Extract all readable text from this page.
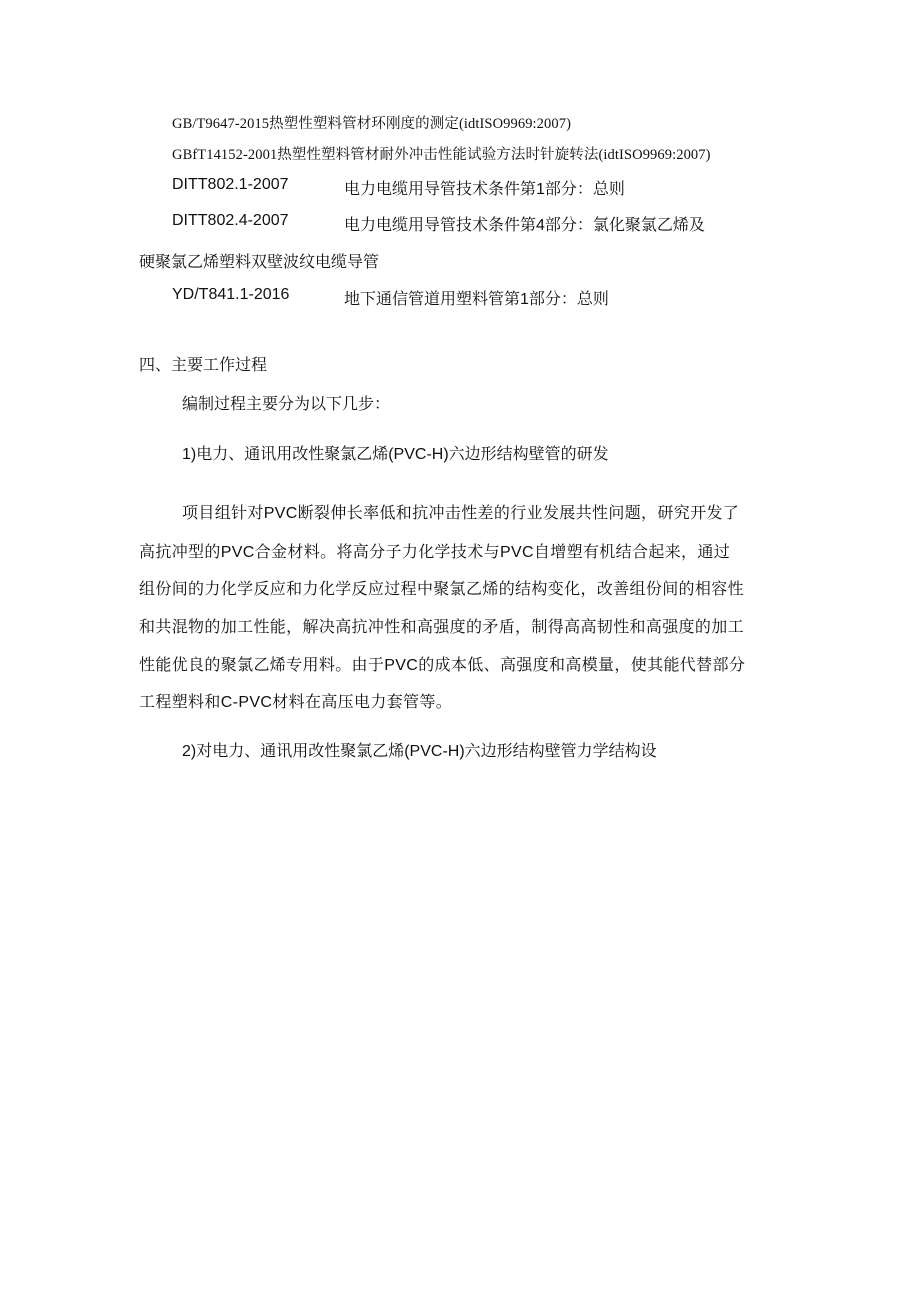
GB/T9647-2015热塑性塑料管材环刚度的测定(idtISO9969:2007)
GBfT14152-2001热塑性塑料管材耐外冲击性能试验方法时针旋转法(idtISO9969:2007)
DITT802.1-2007	电力电缆用导管技术条件第1部分：总则
DITT802.4-2007	电力电缆用导管技术条件第4部分：氯化聚氯乙烯及
硬聚氯乙烯塑料双壁波纹电缆导管
YD/T841.1-2016	地下通信管道用塑料管第1部分：总则
四、主要工作过程
编制过程主要分为以下几步：
1)电力、通讯用改性聚氯乙烯(PVC-H)六边形结构壁管的研发
项目组针对PVC断裂伸长率低和抗冲击性差的行业发展共性问题，研究开发了
高抗冲型的PVC合金材料。将高分子力化学技术与PVC自增塑有机结合起来，通过
组份间的力化学反应和力化学反应过程中聚氯乙烯的结构变化，改善组份间的相容性
和共混物的加工性能，解决高抗冲性和高强度的矛盾，制得高高韧性和高强度的加工
性能优良的聚氯乙烯专用料。由于PVC的成本低、高强度和高模量，使其能代替部分
工程塑料和C-PVC材料在高压电力套管等。
2)对电力、通讯用改性聚氯乙烯(PVC-H)六边形结构壁管力学结构设
